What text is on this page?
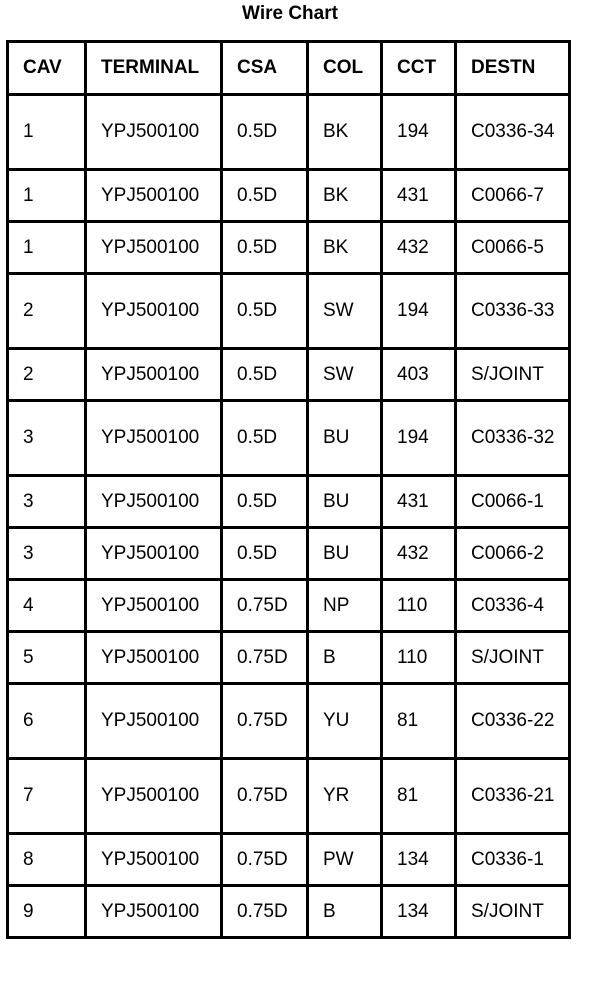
Wire Chart
CAV	TERMINAL	CSA	COL	CCT	DESTN
1	YPJ500100	0.5D	BK	194	C0336-34
1	YPJ500100	0.5D	BK	431	C0066-7
1	YPJ500100	0.5D	BK	432	C0066-5
2	YPJ500100	0.5D	SW	194	C0336-33
2	YPJ500100	0.5D	SW	403	S/JOINT
3	YPJ500100	0.5D	BU	194	C0336-32
3	YPJ500100	0.5D	BU	431	C0066-1
3	YPJ500100	0.5D	BU	432	C0066-2
4	YPJ500100	0.75D	NP	110	C0336-4
5	YPJ500100	0.75D	B	110	S/JOINT
6	YPJ500100	0.75D	YU	81	C0336-22
7	YPJ500100	0.75D	YR	81	C0336-21
8	YPJ500100	0.75D	PW	134	C0336-1
9	YPJ500100	0.75D	B	134	S/JOINT
